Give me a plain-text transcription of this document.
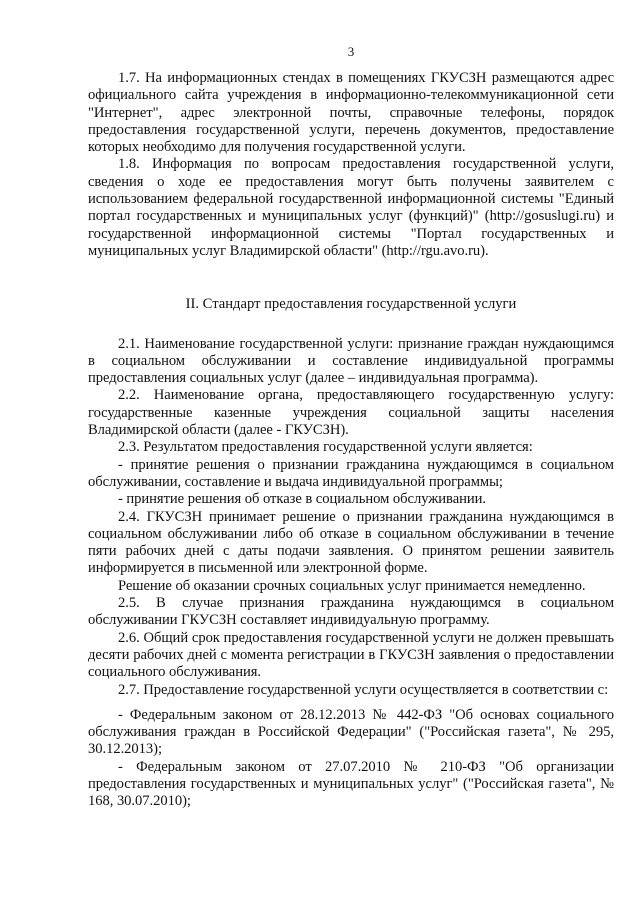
3

1.7. На информационных стендах в помещениях ГКУСЗН размещаются адрес официального сайта учреждения в информационно-телекоммуникационной сети "Интернет", адрес электронной почты, справочные телефоны, порядок предоставления государственной услуги, перечень документов, предоставление которых необходимо для получения государственной услуги.

1.8. Информация по вопросам предоставления государственной услуги, сведения о ходе ее предоставления могут быть получены заявителем с использованием федеральной государственной информационной системы "Единый портал государственных и муниципальных услуг (функций)" (http://gosuslugi.ru) и государственной информационной системы "Портал государственных и муниципальных услуг Владимирской области" (http://rgu.avo.ru).

II. Стандарт предоставления государственной услуги

2.1. Наименование государственной услуги: признание граждан нуждающимся в социальном обслуживании и составление индивидуальной программы предоставления социальных услуг (далее – индивидуальная программа).

2.2. Наименование органа, предоставляющего государственную услугу: государственные казенные учреждения социальной защиты населения Владимирской области (далее - ГКУСЗН).

2.3. Результатом предоставления государственной услуги является:

- принятие решения о признании гражданина нуждающимся в социальном обслуживании, составление и выдача индивидуальной программы;

- принятие решения об отказе в социальном обслуживании.

2.4. ГКУСЗН принимает решение о признании гражданина нуждающимся в социальном обслуживании либо об отказе в социальном обслуживании в течение пяти рабочих дней с даты подачи заявления. О принятом решении заявитель информируется в письменной или электронной форме.

Решение об оказании срочных социальных услуг принимается немедленно.

2.5. В случае признания гражданина нуждающимся в социальном обслуживании ГКУСЗН составляет индивидуальную программу.

2.6. Общий срок предоставления государственной услуги не должен превышать десяти рабочих дней с момента регистрации в ГКУСЗН заявления о предоставлении социального обслуживания.

2.7. Предоставление государственной услуги осуществляется в соответствии с:

- Федеральным законом от 28.12.2013 № 442-ФЗ "Об основах социального обслуживания граждан в Российской Федерации" ("Российская газета", № 295, 30.12.2013);

- Федеральным законом от 27.07.2010 № 210-ФЗ "Об организации предоставления государственных и муниципальных услуг" ("Российская газета", № 168, 30.07.2010);
